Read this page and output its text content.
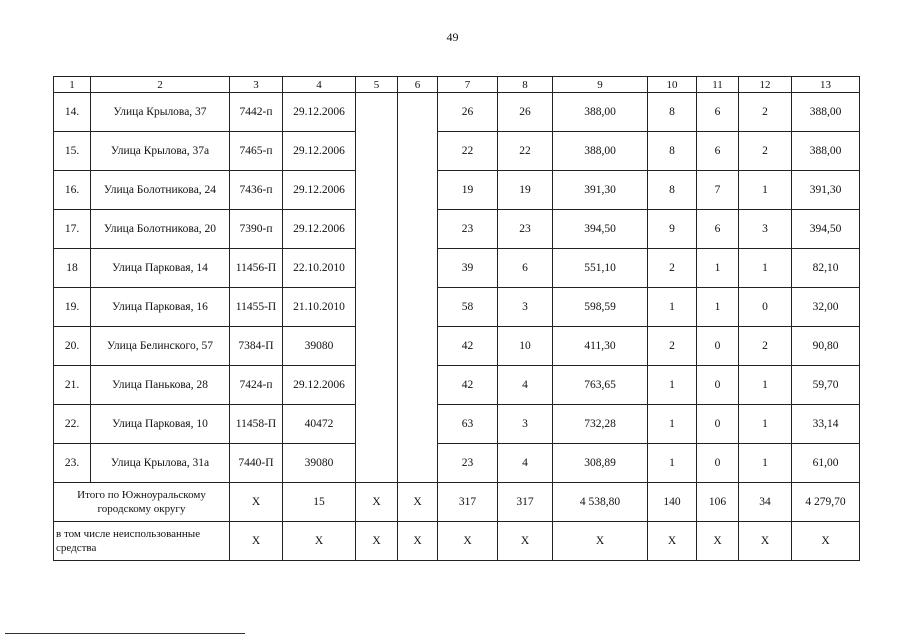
49
1	2	3	4	5	6	7	8	9	10	11	12	13
14.	Улица Крылова, 37	7442-п	29.12.2006			26	26	388,00	8	6	2	388,00
15.	Улица Крылова, 37а	7465-п	29.12.2006			22	22	388,00	8	6	2	388,00
16.	Улица Болотникова, 24	7436-п	29.12.2006			19	19	391,30	8	7	1	391,30
17.	Улица Болотникова, 20	7390-п	29.12.2006			23	23	394,50	9	6	3	394,50
18	Улица Парковая, 14	11456-П	22.10.2010			39	6	551,10	2	1	1	82,10
19.	Улица Парковая, 16	11455-П	21.10.2010			58	3	598,59	1	1	0	32,00
20.	Улица Белинского, 57	7384-П	39080			42	10	411,30	2	0	2	90,80
21.	Улица Панькова, 28	7424-п	29.12.2006			42	4	763,65	1	0	1	59,70
22.	Улица Парковая, 10	11458-П	40472			63	3	732,28	1	0	1	33,14
23.	Улица Крылова, 31а	7440-П	39080			23	4	308,89	1	0	1	61,00
Итого по Южноуральскому городскому округу		Х	15	Х	Х	317	317	4 538,80	140	106	34	4 279,70
в том числе неиспользованные средства		Х	Х	Х	Х	Х	Х	Х	Х	Х	Х	Х
